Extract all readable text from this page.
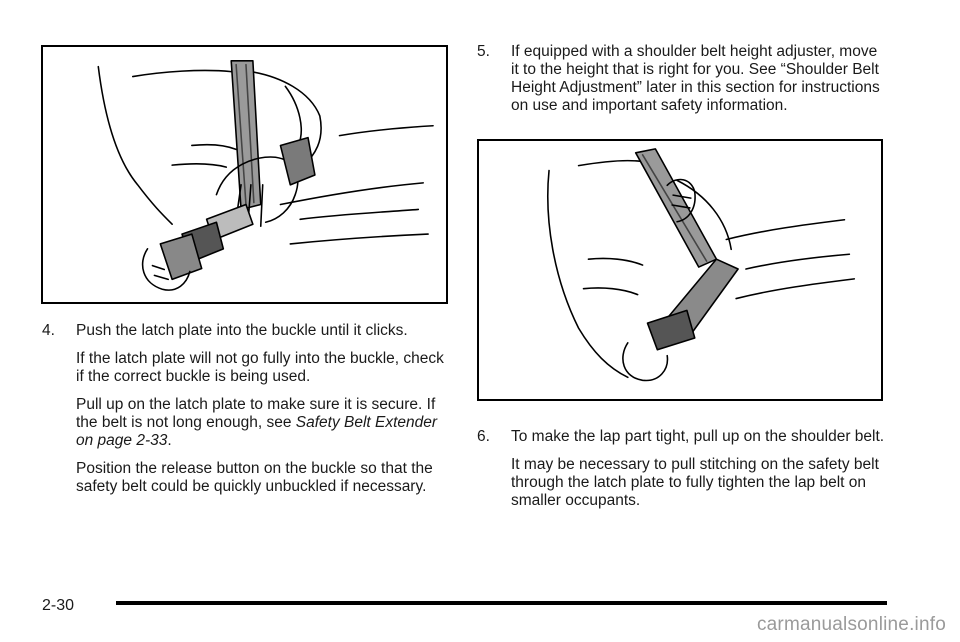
4. Push the latch plate into the buckle until it clicks.

If the latch plate will not go fully into the buckle, check if the correct buckle is being used.

Pull up on the latch plate to make sure it is secure. If the belt is not long enough, see Safety Belt Extender on page 2-33.

Position the release button on the buckle so that the safety belt could be quickly unbuckled if necessary.

5. If equipped with a shoulder belt height adjuster, move it to the height that is right for you. See “Shoulder Belt Height Adjustment” later in this section for instructions on use and important safety information.

6. To make the lap part tight, pull up on the shoulder belt.

It may be necessary to pull stitching on the safety belt through the latch plate to fully tighten the lap belt on smaller occupants.

2-30
carmanualsonline.info
